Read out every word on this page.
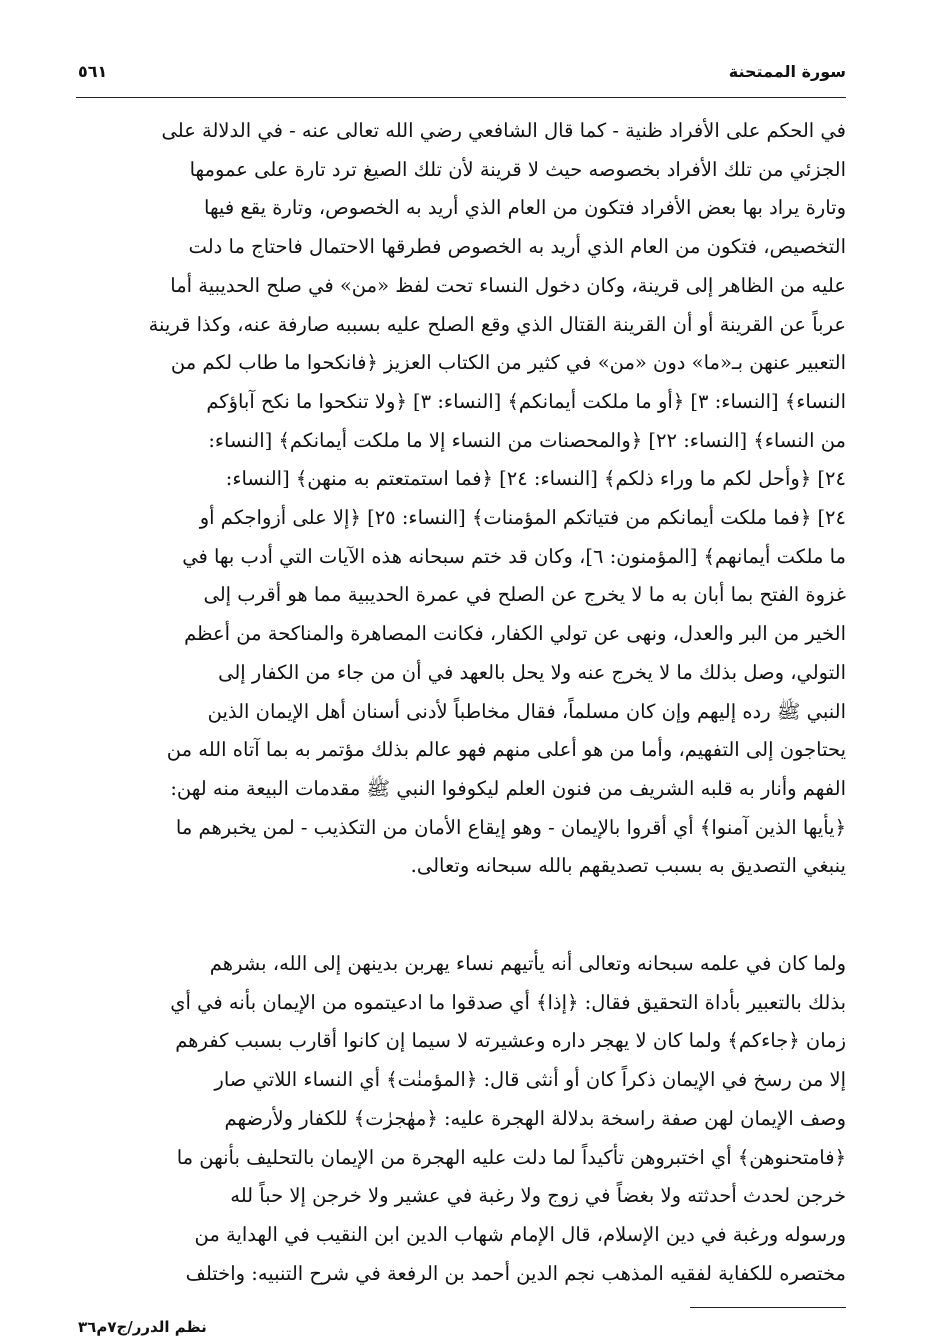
سورة الممتحنة
٥٦١
في الحكم على الأفراد ظنية - كما قال الشافعي رضي الله تعالى عنه - في الدلالة على
الجزئي من تلك الأفراد بخصوصه حيث لا قرينة لأن تلك الصيغ ترد تارة على عمومها
وتارة يراد بها بعض الأفراد فتكون من العام الذي أريد به الخصوص، وتارة يقع فيها
التخصيص، فتكون من العام الذي أريد به الخصوص فطرقها الاحتمال فاحتاج ما دلت
عليه من الظاهر إلى قرينة، وكان دخول النساء تحت لفظ «من» في صلح الحديبية أما
عرباً عن القرينة أو أن القرينة القتال الذي وقع الصلح عليه بسببه صارفة عنه، وكذا قرينة
التعبير عنهن بـ«ما» دون «من» في كثير من الكتاب العزيز ﴿فانكحوا ما طاب لكم من
النساء﴾ [النساء: ٣] ﴿أو ما ملكت أيمانكم﴾ [النساء: ٣] ﴿ولا تنكحوا ما نكح آباؤكم
من النساء﴾ [النساء: ٢٢] ﴿والمحصنات من النساء إلا ما ملكت أيمانكم﴾ [النساء:
٢٤] ﴿وأحل لكم ما وراء ذلكم﴾ [النساء: ٢٤] ﴿فما استمتعتم به منهن﴾ [النساء:
٢٤] ﴿فما ملكت أيمانكم من فتياتكم المؤمنات﴾ [النساء: ٢٥] ﴿إلا على أزواجكم أو
ما ملكت أيمانهم﴾ [المؤمنون: ٦]، وكان قد ختم سبحانه هذه الآيات التي أدب بها في
غزوة الفتح بما أبان به ما لا يخرج عن الصلح في عمرة الحديبية مما هو أقرب إلى
الخير من البر والعدل، ونهى عن تولي الكفار، فكانت المصاهرة والمناكحة من أعظم
التولي، وصل بذلك ما لا يخرج عنه ولا يحل بالعهد في أن من جاء من الكفار إلى
النبي ﷺ رده إليهم وإن كان مسلماً، فقال مخاطباً لأدنى أسنان أهل الإيمان الذين
يحتاجون إلى التفهيم، وأما من هو أعلى منهم فهو عالم بذلك مؤتمر به بما آتاه الله من
الفهم وأنار به قلبه الشريف من فنون العلم ليكوفوا النبي ﷺ مقدمات البيعة منه لهن:
﴿يأيها الذين آمنوا﴾ أي أقروا بالإيمان - وهو إيقاع الأمان من التكذيب - لمن يخبرهم ما
ينبغي التصديق به بسبب تصديقهم بالله سبحانه وتعالى.
ولما كان في علمه سبحانه وتعالى أنه يأتيهم نساء يهربن بدينهن إلى الله، بشرهم
بذلك بالتعبير بأداة التحقيق فقال: ﴿إذا﴾ أي صدقوا ما ادعيتموه من الإيمان بأنه في أي
زمان ﴿جاءكم﴾ ولما كان لا يهجر داره وعشيرته لا سيما إن كانوا أقارب بسبب كفرهم
إلا من رسخ في الإيمان ذكراً كان أو أنثى قال: ﴿المؤمنٰت﴾ أي النساء اللاتي صار
وصف الإيمان لهن صفة راسخة بدلالة الهجرة عليه: ﴿مهٰجرٰت﴾ للكفار ولأرضهم
﴿فامتحنوهن﴾ أي اختبروهن تأكيداً لما دلت عليه الهجرة من الإيمان بالتحليف بأنهن ما
خرجن لحدث أحدثته ولا بغضاً في زوج ولا رغبة في عشير ولا خرجن إلا حباً لله
ورسوله ورغبة في دين الإسلام، قال الإمام شهاب الدين ابن النقيب في الهداية من
مختصره للكفاية لفقيه المذهب نجم الدين أحمد بن الرفعة في شرح التنبيه: واختلف
نظم الدرر/ج٧م٣٦
